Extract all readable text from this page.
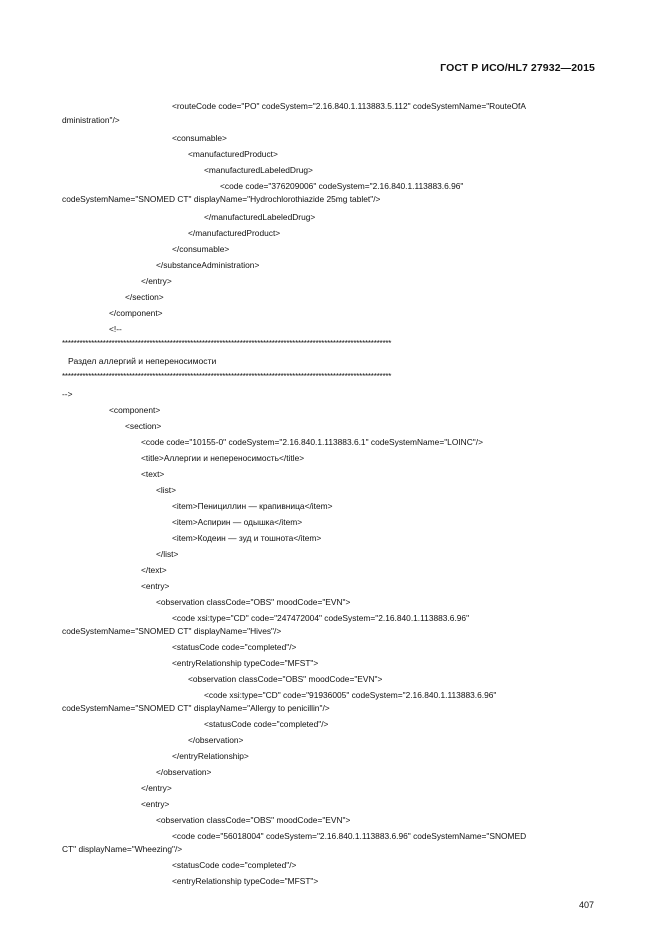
ГОСТ Р ИСО/HL7 27932—2015
<routeCode code="PO" codeSystem="2.16.840.1.113883.5.112" codeSystemName="RouteOfA
dministration"/>
<consumable>
<manufacturedProduct>
<manufacturedLabeledDrug>
<code code="376209006" codeSystem="2.16.840.1.113883.6.96"
codeSystemName="SNOMED CT" displayName="Hydrochlorothiazide 25mg tablet"/>
</manufacturedLabeledDrug>
</manufacturedProduct>
</consumable>
</substanceAdministration>
</entry>
</section>
</component>
<!--
*****************************************************************************************************************
Раздел аллергий и непереносимости
*****************************************************************************************************************
-->
<component>
<section>
<code code="10155-0" codeSystem="2.16.840.1.113883.6.1" codeSystemName="LOINC"/>
<title>Аллергии и непереносимость</title>
<text>
<list>
<item>Пенициллин — крапивница</item>
<item>Аспирин — одышка</item>
<item>Кодеин — зуд и тошнота</item>
</list>
</text>
<entry>
<observation classCode="OBS" moodCode="EVN">
<code xsi:type="CD" code="247472004" codeSystem="2.16.840.1.113883.6.96"
codeSystemName="SNOMED CT" displayName="Hives"/>
<statusCode code="completed"/>
<entryRelationship typeCode="MFST">
<observation classCode="OBS" moodCode="EVN">
<code xsi:type="CD" code="91936005" codeSystem="2.16.840.1.113883.6.96"
codeSystemName="SNOMED CT" displayName="Allergy to penicillin"/>
<statusCode code="completed"/>
</observation>
</entryRelationship>
</observation>
</entry>
<entry>
<observation classCode="OBS" moodCode="EVN">
<code code="56018004" codeSystem="2.16.840.1.113883.6.96" codeSystemName="SNOMED
CT" displayName="Wheezing"/>
<statusCode code="completed"/>
<entryRelationship typeCode="MFST">
407
